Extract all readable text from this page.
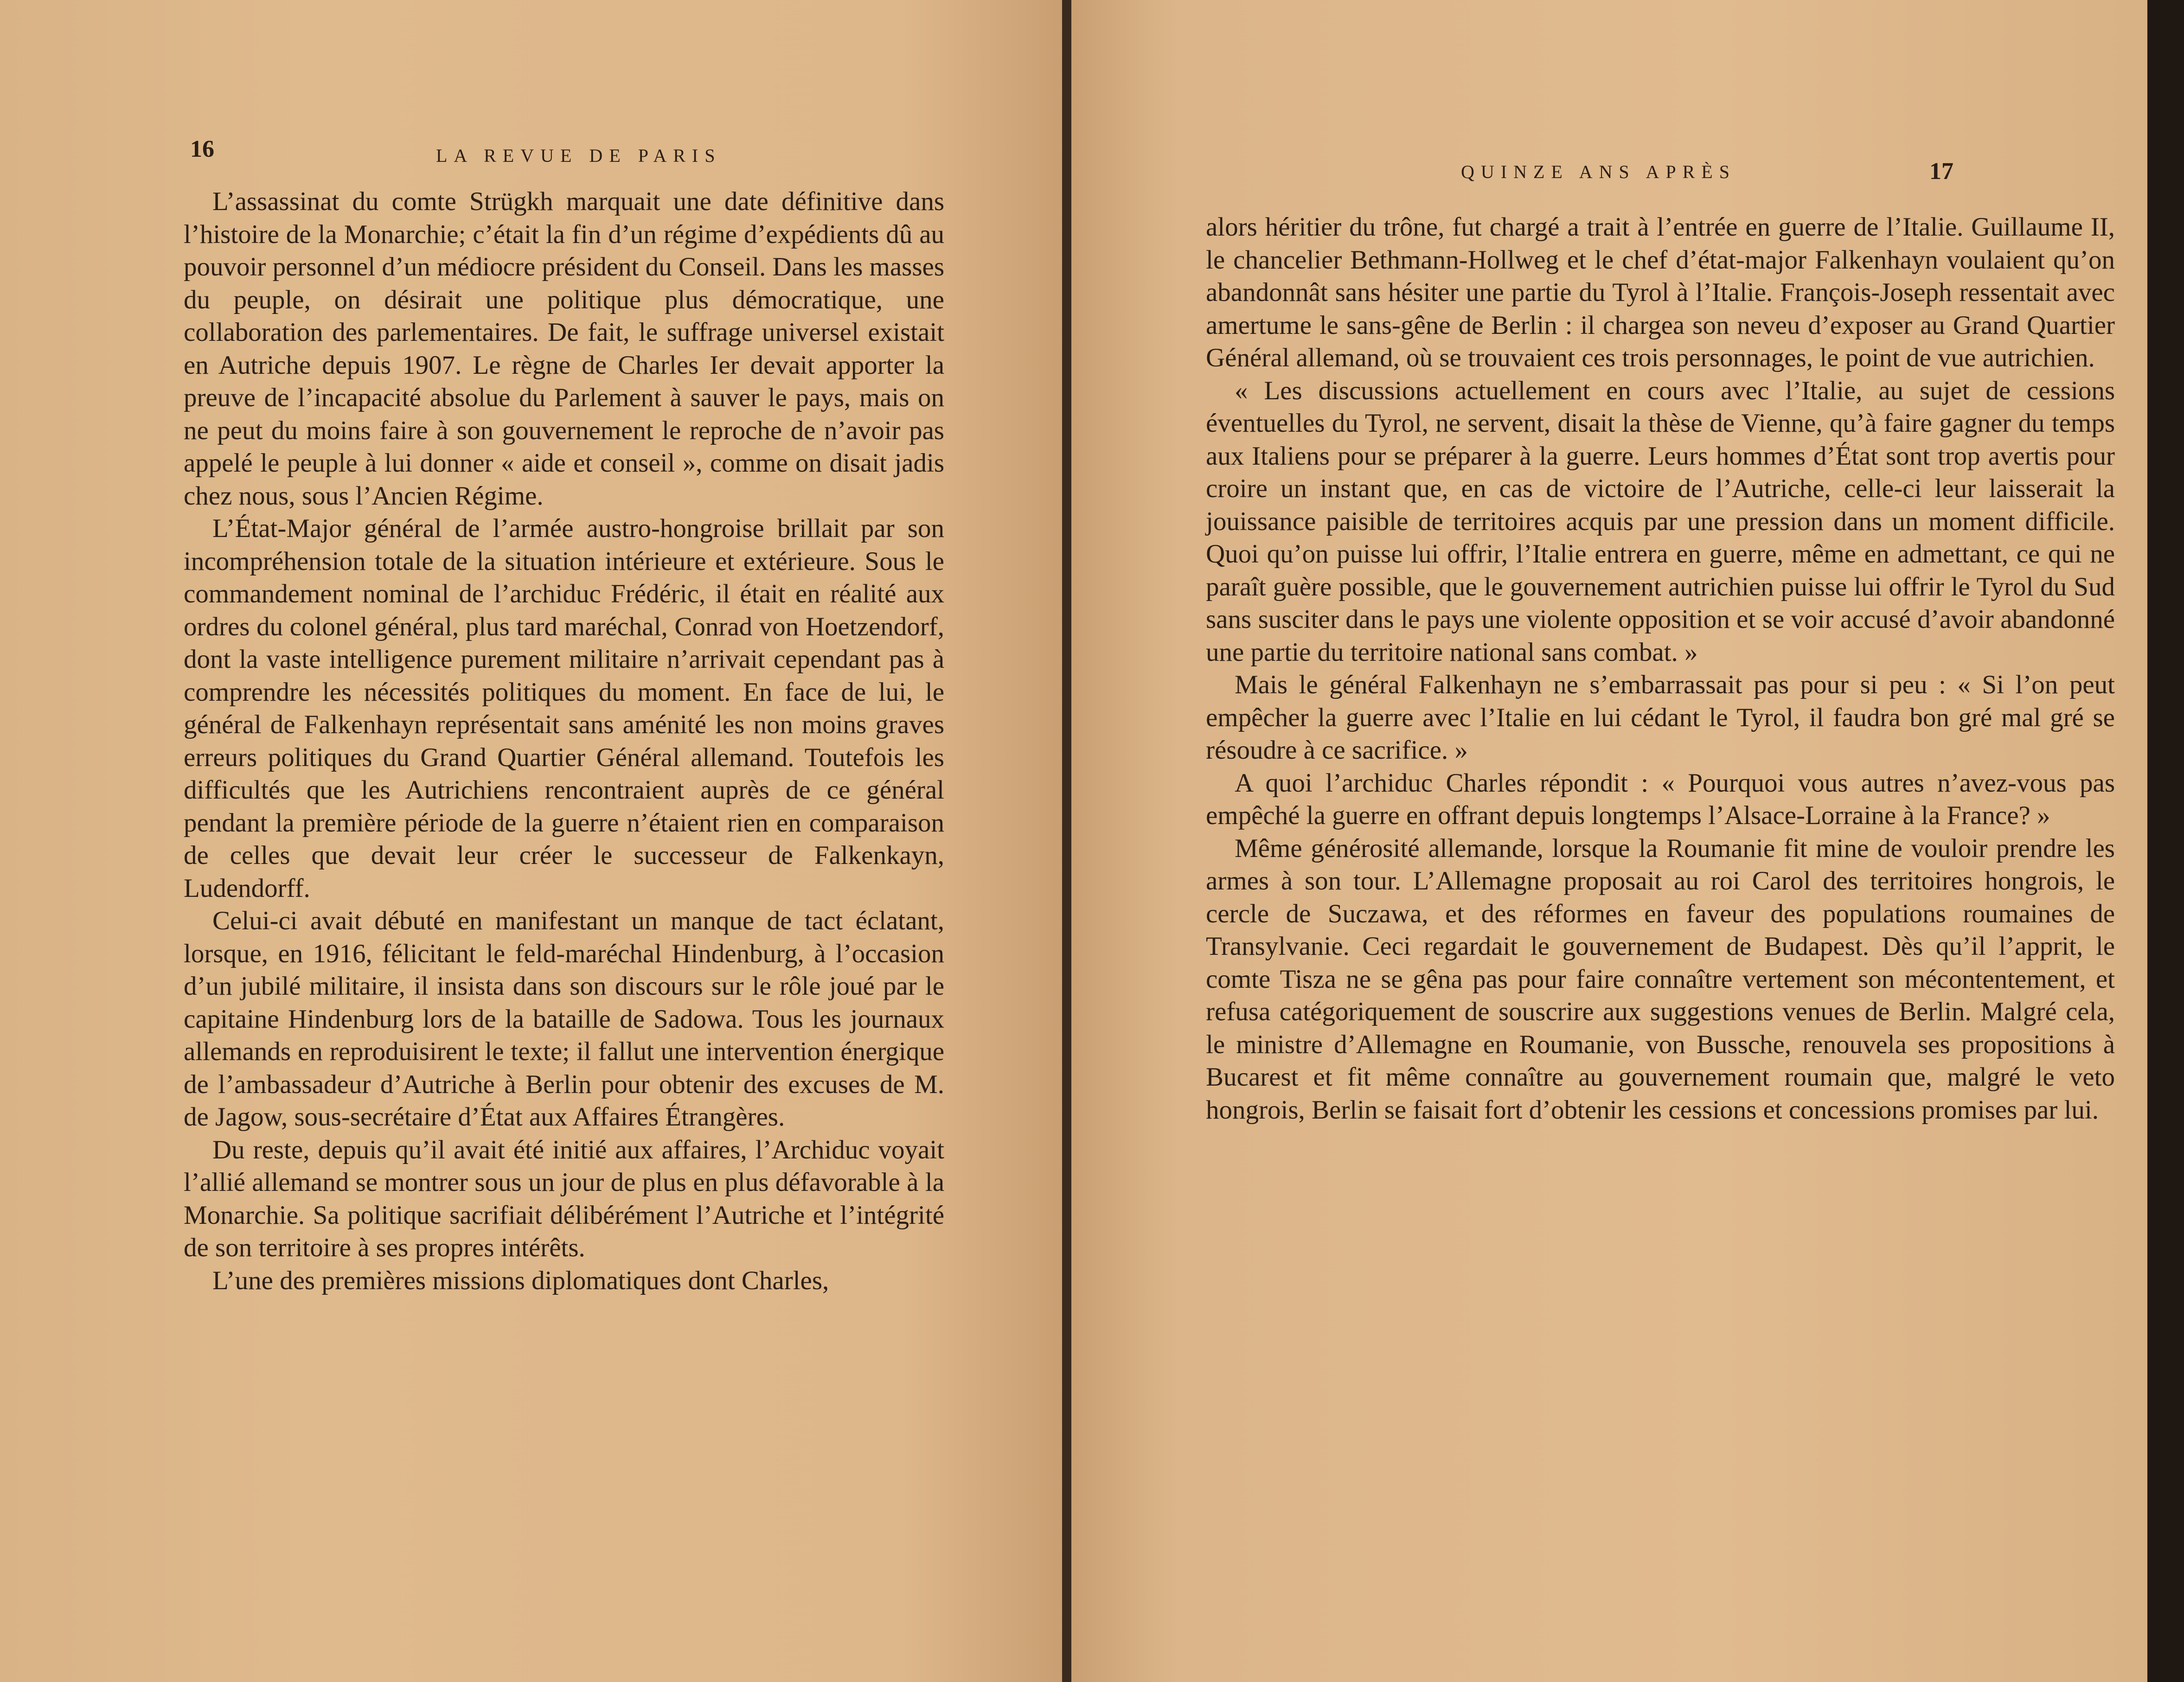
16	LA REVUE DE PARIS

L’assassinat du comte Strügkh marquait une date définitive dans l’histoire de la Monarchie; c’était la fin d’un régime d’expédients dû au pouvoir personnel d’un médiocre président du Conseil. Dans les masses du peuple, on désirait une politique plus démocratique, une collaboration des parlementaires. De fait, le suffrage universel existait en Autriche depuis 1907. Le règne de Charles Ier devait apporter la preuve de l’incapacité absolue du Parlement à sauver le pays, mais on ne peut du moins faire à son gouvernement le reproche de n’avoir pas appelé le peuple à lui donner « aide et conseil », comme on disait jadis chez nous, sous l’Ancien Régime.

L’État-Major général de l’armée austro-hongroise brillait par son incompréhension totale de la situation intérieure et extérieure. Sous le commandement nominal de l’archiduc Frédéric, il était en réalité aux ordres du colonel général, plus tard maréchal, Conrad von Hoetzendorf, dont la vaste intelligence purement militaire n’arrivait cependant pas à comprendre les nécessités politiques du moment. En face de lui, le général de Falkenhayn représentait sans aménité les non moins graves erreurs politiques du Grand Quartier Général allemand. Toutefois les difficultés que les Autrichiens rencontraient auprès de ce général pendant la première période de la guerre n’étaient rien en comparaison de celles que devait leur créer le successeur de Falkenkayn, Ludendorff.

Celui-ci avait débuté en manifestant un manque de tact éclatant, lorsque, en 1916, félicitant le feld-maréchal Hindenburg, à l’occasion d’un jubilé militaire, il insista dans son discours sur le rôle joué par le capitaine Hindenburg lors de la bataille de Sadowa. Tous les journaux allemands en reproduisirent le texte; il fallut une intervention énergique de l’ambassadeur d’Autriche à Berlin pour obtenir des excuses de M. de Jagow, sous-secrétaire d’État aux Affaires Étrangères.

Du reste, depuis qu’il avait été initié aux affaires, l’Archiduc voyait l’allié allemand se montrer sous un jour de plus en plus défavorable à la Monarchie. Sa politique sacrifiait délibérément l’Autriche et l’intégrité de son territoire à ses propres intérêts.

L’une des premières missions diplomatiques dont Charles,

QUINZE ANS APRÈS	17

alors héritier du trône, fut chargé a trait à l’entrée en guerre de l’Italie. Guillaume II, le chancelier Bethmann-Hollweg et le chef d’état-major Falkenhayn voulaient qu’on abandonnât sans hésiter une partie du Tyrol à l’Italie. François-Joseph ressentait avec amertume le sans-gêne de Berlin : il chargea son neveu d’exposer au Grand Quartier Général allemand, où se trouvaient ces trois personnages, le point de vue autrichien.

« Les discussions actuellement en cours avec l’Italie, au sujet de cessions éventuelles du Tyrol, ne servent, disait la thèse de Vienne, qu’à faire gagner du temps aux Italiens pour se préparer à la guerre. Leurs hommes d’État sont trop avertis pour croire un instant que, en cas de victoire de l’Autriche, celle-ci leur laisserait la jouissance paisible de territoires acquis par une pression dans un moment difficile. Quoi qu’on puisse lui offrir, l’Italie entrera en guerre, même en admettant, ce qui ne paraît guère possible, que le gouvernement autrichien puisse lui offrir le Tyrol du Sud sans susciter dans le pays une violente opposition et se voir accusé d’avoir abandonné une partie du territoire national sans combat. »

Mais le général Falkenhayn ne s’embarrassait pas pour si peu : « Si l’on peut empêcher la guerre avec l’Italie en lui cédant le Tyrol, il faudra bon gré mal gré se résoudre à ce sacrifice. »

A quoi l’archiduc Charles répondit : « Pourquoi vous autres n’avez-vous pas empêché la guerre en offrant depuis longtemps l’Alsace-Lorraine à la France? »

Même générosité allemande, lorsque la Roumanie fit mine de vouloir prendre les armes à son tour. L’Allemagne proposait au roi Carol des territoires hongrois, le cercle de Suczawa, et des réformes en faveur des populations roumaines de Transylvanie. Ceci regardait le gouvernement de Budapest. Dès qu’il l’apprit, le comte Tisza ne se gêna pas pour faire connaître vertement son mécontentement, et refusa catégoriquement de souscrire aux suggestions venues de Berlin. Malgré cela, le ministre d’Allemagne en Roumanie, von Bussche, renouvela ses propositions à Bucarest et fit même connaître au gouvernement roumain que, malgré le veto hongrois, Berlin se faisait fort d’obtenir les cessions et concessions promises par lui.
